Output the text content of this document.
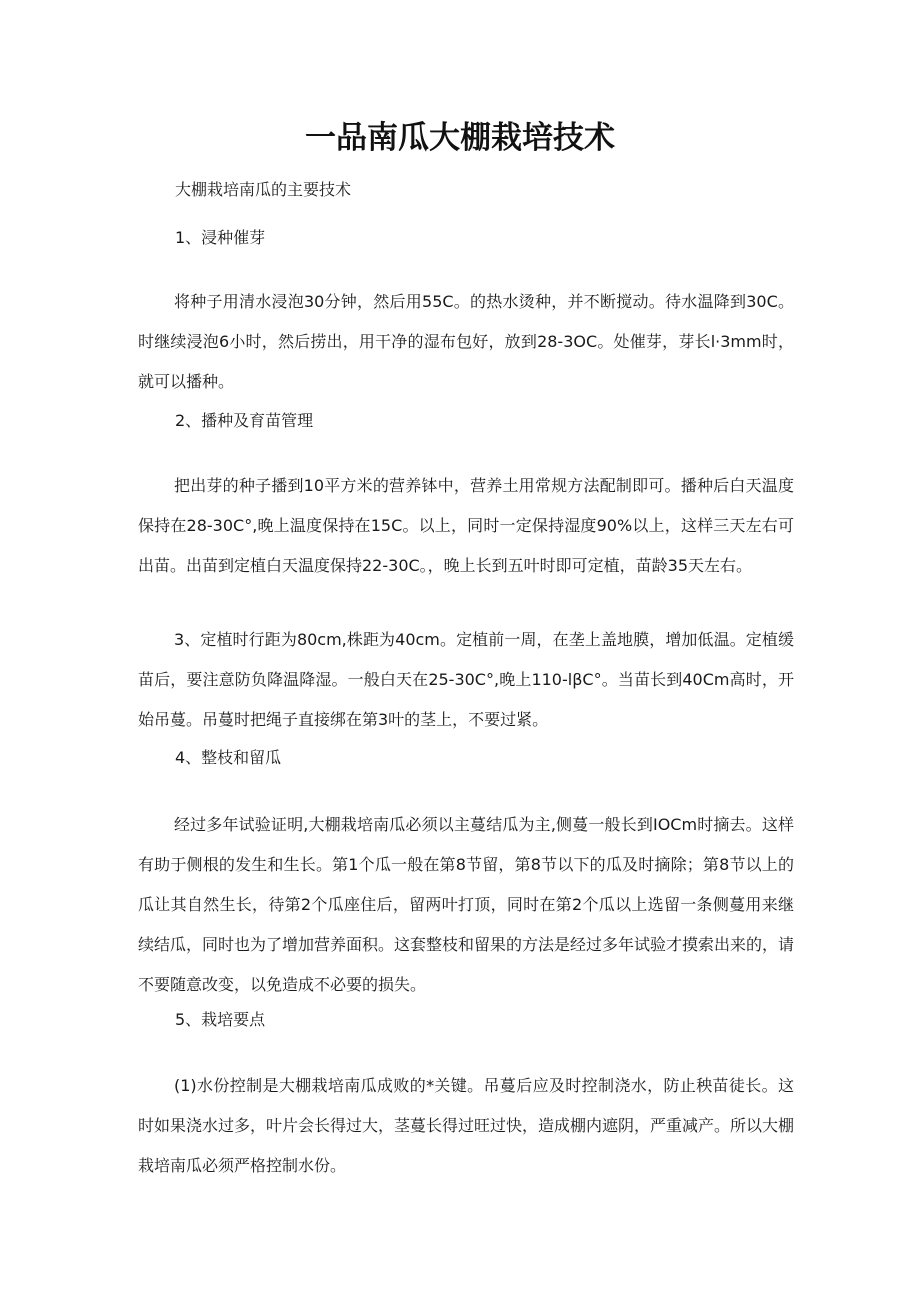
一品南瓜大棚栽培技术

大棚栽培南瓜的主要技术

1、浸种催芽

将种子用清水浸泡30分钟，然后用55C。的热水烫种，并不断搅动。待水温降到30C。时继续浸泡6小时，然后捞出，用干净的湿布包好，放到28-3OC。处催芽，芽长l·3mm时，就可以播种。

2、播种及育苗管理

把出芽的种子播到10平方米的营养钵中，营养土用常规方法配制即可。播种后白天温度保持在28-30C°,晚上温度保持在15C。以上，同时一定保持湿度90%以上，这样三天左右可出苗。出苗到定植白天温度保持22-30C。，晚上长到五叶时即可定植，苗龄35天左右。

3、定植时行距为80cm,株距为40cm。定植前一周，在垄上盖地膜，增加低温。定植缓苗后，要注意防负降温降湿。一般白天在25-30C°,晚上110-lβC°。当苗长到40Cm高时，开始吊蔓。吊蔓时把绳子直接绑在第3叶的茎上，不要过紧。

4、整枝和留瓜

经过多年试验证明,大棚栽培南瓜必须以主蔓结瓜为主,侧蔓一般长到IOCm时摘去。这样有助于侧根的发生和生长。第1个瓜一般在第8节留，第8节以下的瓜及时摘除；第8节以上的瓜让其自然生长，待第2个瓜座住后，留两叶打顶，同时在第2个瓜以上选留一条侧蔓用来继续结瓜，同时也为了增加营养面积。这套整枝和留果的方法是经过多年试验才摸索出来的，请不要随意改变，以免造成不必要的损失。

5、栽培要点

(1)水份控制是大棚栽培南瓜成败的*关键。吊蔓后应及时控制浇水，防止秧苗徒长。这时如果浇水过多，叶片会长得过大，茎蔓长得过旺过快，造成棚内遮阴，严重减产。所以大棚栽培南瓜必须严格控制水份。
